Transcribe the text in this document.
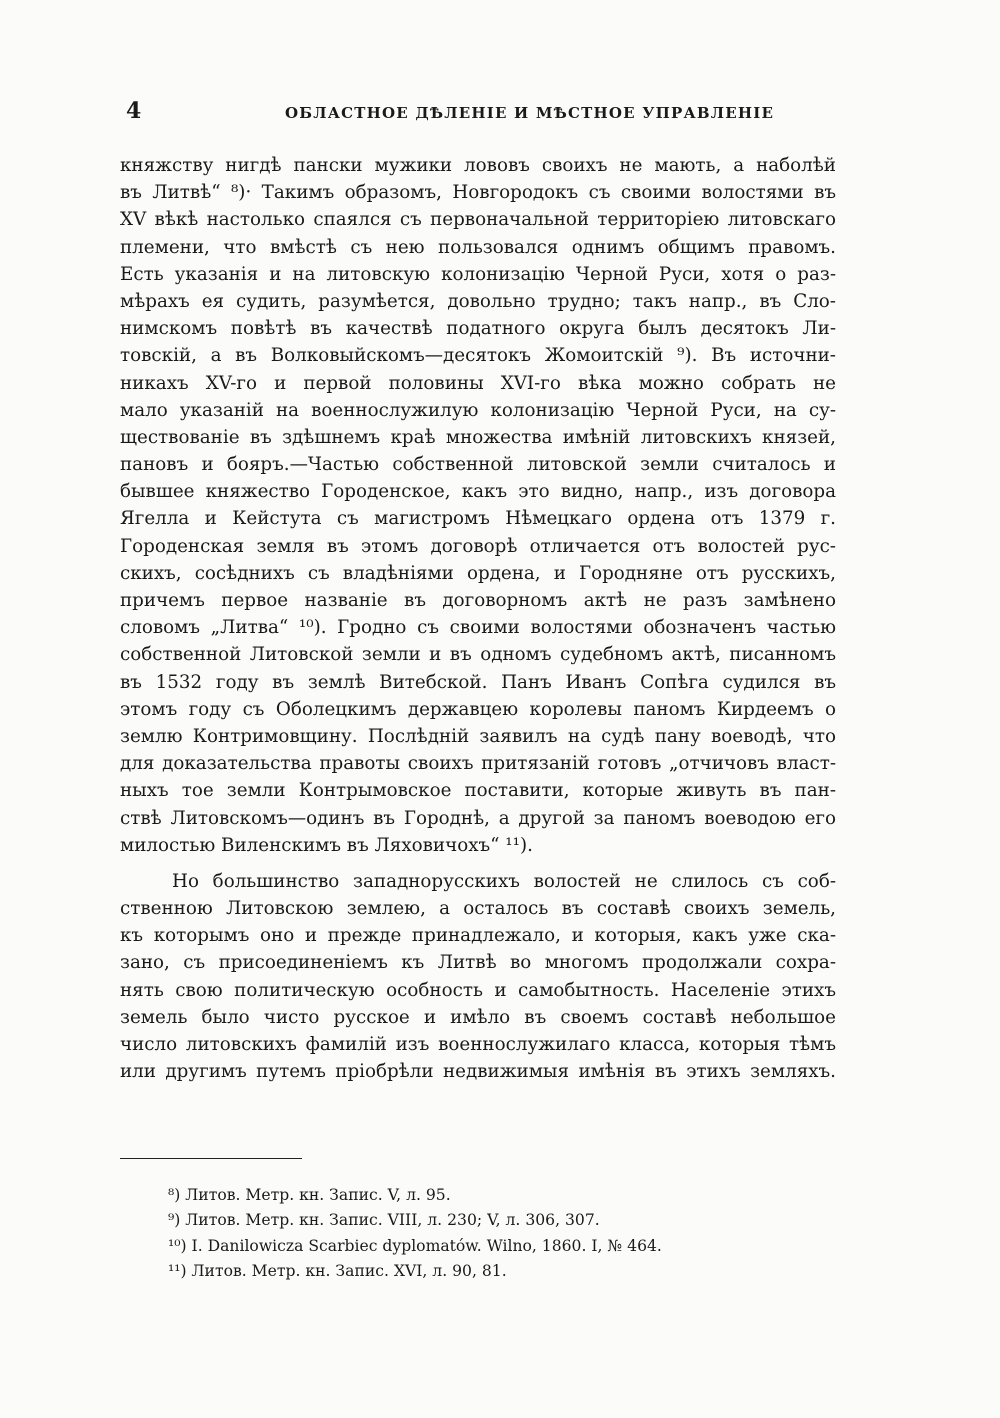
4	ОБЛАСТНОЕ ДѢЛЕНІЕ И МѢСТНОЕ УПРАВЛЕНІЕ
княжству нигдѣ пански мужики лововъ своихъ не мають, а наболѣй
въ Литвѣ“ ⁸)· Такимъ образомъ, Новгородокъ съ своими волостями въ
XV вѣкѣ настолько спаялся съ первоначальной территоріею литовскаго
племени, что вмѣстѣ съ нею пользовался однимъ общимъ правомъ.
Есть указанія и на литовскую колонизацію Черной Руси, хотя о раз-
мѣрахъ ея судить, разумѣется, довольно трудно; такъ напр., въ Сло-
нимскомъ повѣтѣ въ качествѣ податного округа былъ десятокъ Ли-
товскій, а въ Волковыйскомъ—десятокъ Жомоитскій ⁹). Въ источни-
никахъ XV-го и первой половины XVI-го вѣка можно собрать не
мало указаній на военнослужилую колонизацію Черной Руси, на су-
ществованіе въ здѣшнемъ краѣ множества имѣній литовскихъ князей,
пановъ и бояръ.—Частью собственной литовской земли считалось и
бывшее княжество Городенское, какъ это видно, напр., изъ договора
Ягелла и Кейстута съ магистромъ Нѣмецкаго ордена отъ 1379 г.
Городенская земля въ этомъ договорѣ отличается отъ волостей рус-
скихъ, сосѣднихъ съ владѣніями ордена, и Городняне отъ русскихъ,
причемъ первое названіе въ договорномъ актѣ не разъ замѣнено
словомъ „Литва“ ¹⁰). Гродно съ своими волостями обозначенъ частью
собственной Литовской земли и въ одномъ судебномъ актѣ, писанномъ
въ 1532 году въ землѣ Витебской. Панъ Иванъ Сопѣга судился въ
этомъ году съ Оболецкимъ державцею королевы паномъ Кирдеемъ о
землю Контримовщину. Послѣдній заявилъ на судѣ пану воеводѣ, что
для доказательства правоты своихъ притязаній готовъ „отчичовъ власт-
ныхъ тое земли Контрымовское поставити, которые живуть въ пан-
ствѣ Литовскомъ—одинъ въ Городнѣ, а другой за паномъ воеводою его
милостью Виленскимъ въ Ляховичохъ“ ¹¹).
Но большинство западнорусскихъ волостей не слилось съ соб-
ственною Литовскою землею, а осталось въ составѣ своихъ земель,
къ которымъ оно и прежде принадлежало, и которыя, какъ уже ска-
зано, съ присоединеніемъ къ Литвѣ во многомъ продолжали сохра-
нять свою политическую особность и самобытность. Населеніе этихъ
земель было чисто русское и имѣло въ своемъ составѣ небольшое
число литовскихъ фамилій изъ военнослужилаго класса, которыя тѣмъ
или другимъ путемъ пріобрѣли недвижимыя имѣнія въ этихъ земляхъ.
⁸) Литов. Метр. кн. Запис. V, л. 95.
⁹) Литов. Метр. кн. Запис. VIII, л. 230; V, л. 306, 307.
¹⁰) I. Danilowicza Scarbiec dyplomatów. Wilno, 1860. I, № 464.
¹¹) Литов. Метр. кн. Запис. XVI, л. 90, 81.
